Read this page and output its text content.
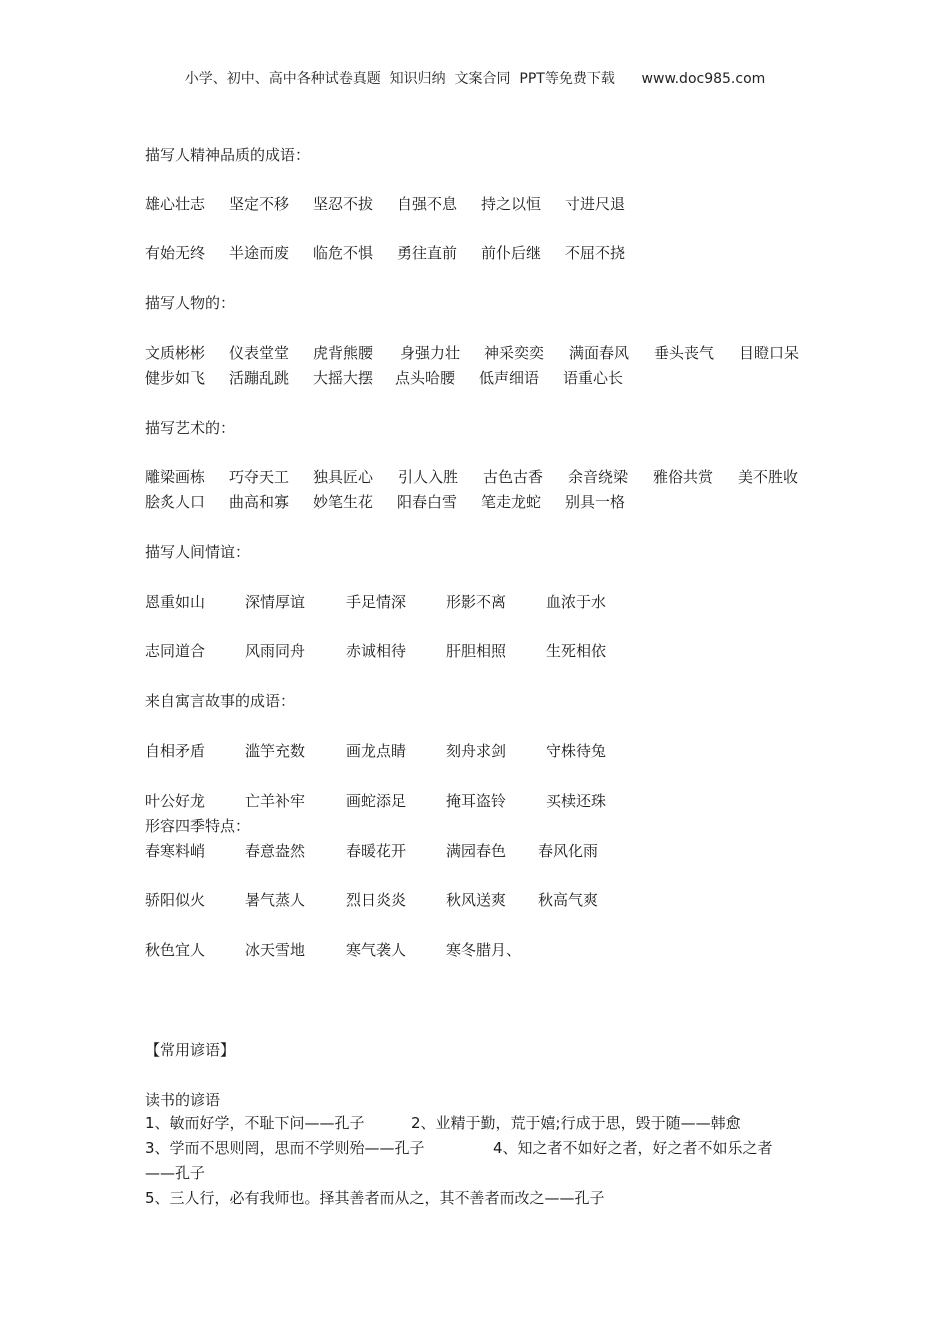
小学、初中、高中各种试卷真题  知识归纳  文案合同  PPT等免费下载      www.doc985.com
描写人精神品质的成语：
雄心壮志 坚定不移 坚忍不拔 自强不息 持之以恒 寸进尺退
有始无终 半途而废 临危不惧 勇往直前 前仆后继 不屈不挠
描写人物的：
文质彬彬 仪表堂堂 虎背熊腰 身强力壮 神采奕奕 满面春风 垂头丧气 目瞪口呆
健步如飞 活蹦乱跳 大摇大摆 点头哈腰 低声细语 语重心长
描写艺术的：
雕梁画栋 巧夺天工 独具匠心 引人入胜 古色古香 余音绕梁 雅俗共赏 美不胜收
脍炙人口 曲高和寡 妙笔生花 阳春白雪 笔走龙蛇 别具一格
描写人间情谊：
恩重如山	深情厚谊	手足情深	形影不离	血浓于水
志同道合	风雨同舟	赤诚相待	肝胆相照	生死相依
来自寓言故事的成语：
自相矛盾	滥竽充数	画龙点睛	刻舟求剑	守株待兔
叶公好龙	亡羊补牢	画蛇添足	掩耳盗铃	买椟还珠
形容四季特点：
春寒料峭	春意盎然	春暖花开	满园春色 春风化雨
骄阳似火	暑气蒸人	烈日炎炎	秋风送爽 秋高气爽
秋色宜人	冰天雪地	寒气袭人	寒冬腊月、
【常用谚语】
读书的谚语
1、敏而好学，不耻下问——孔子	2、业精于勤，荒于嬉;行成于思，毁于随——韩愈
3、学而不思则罔，思而不学则殆——孔子	4、知之者不如好之者，好之者不如乐之者
——孔子
5、三人行，必有我师也。择其善者而从之，其不善者而改之——孔子
